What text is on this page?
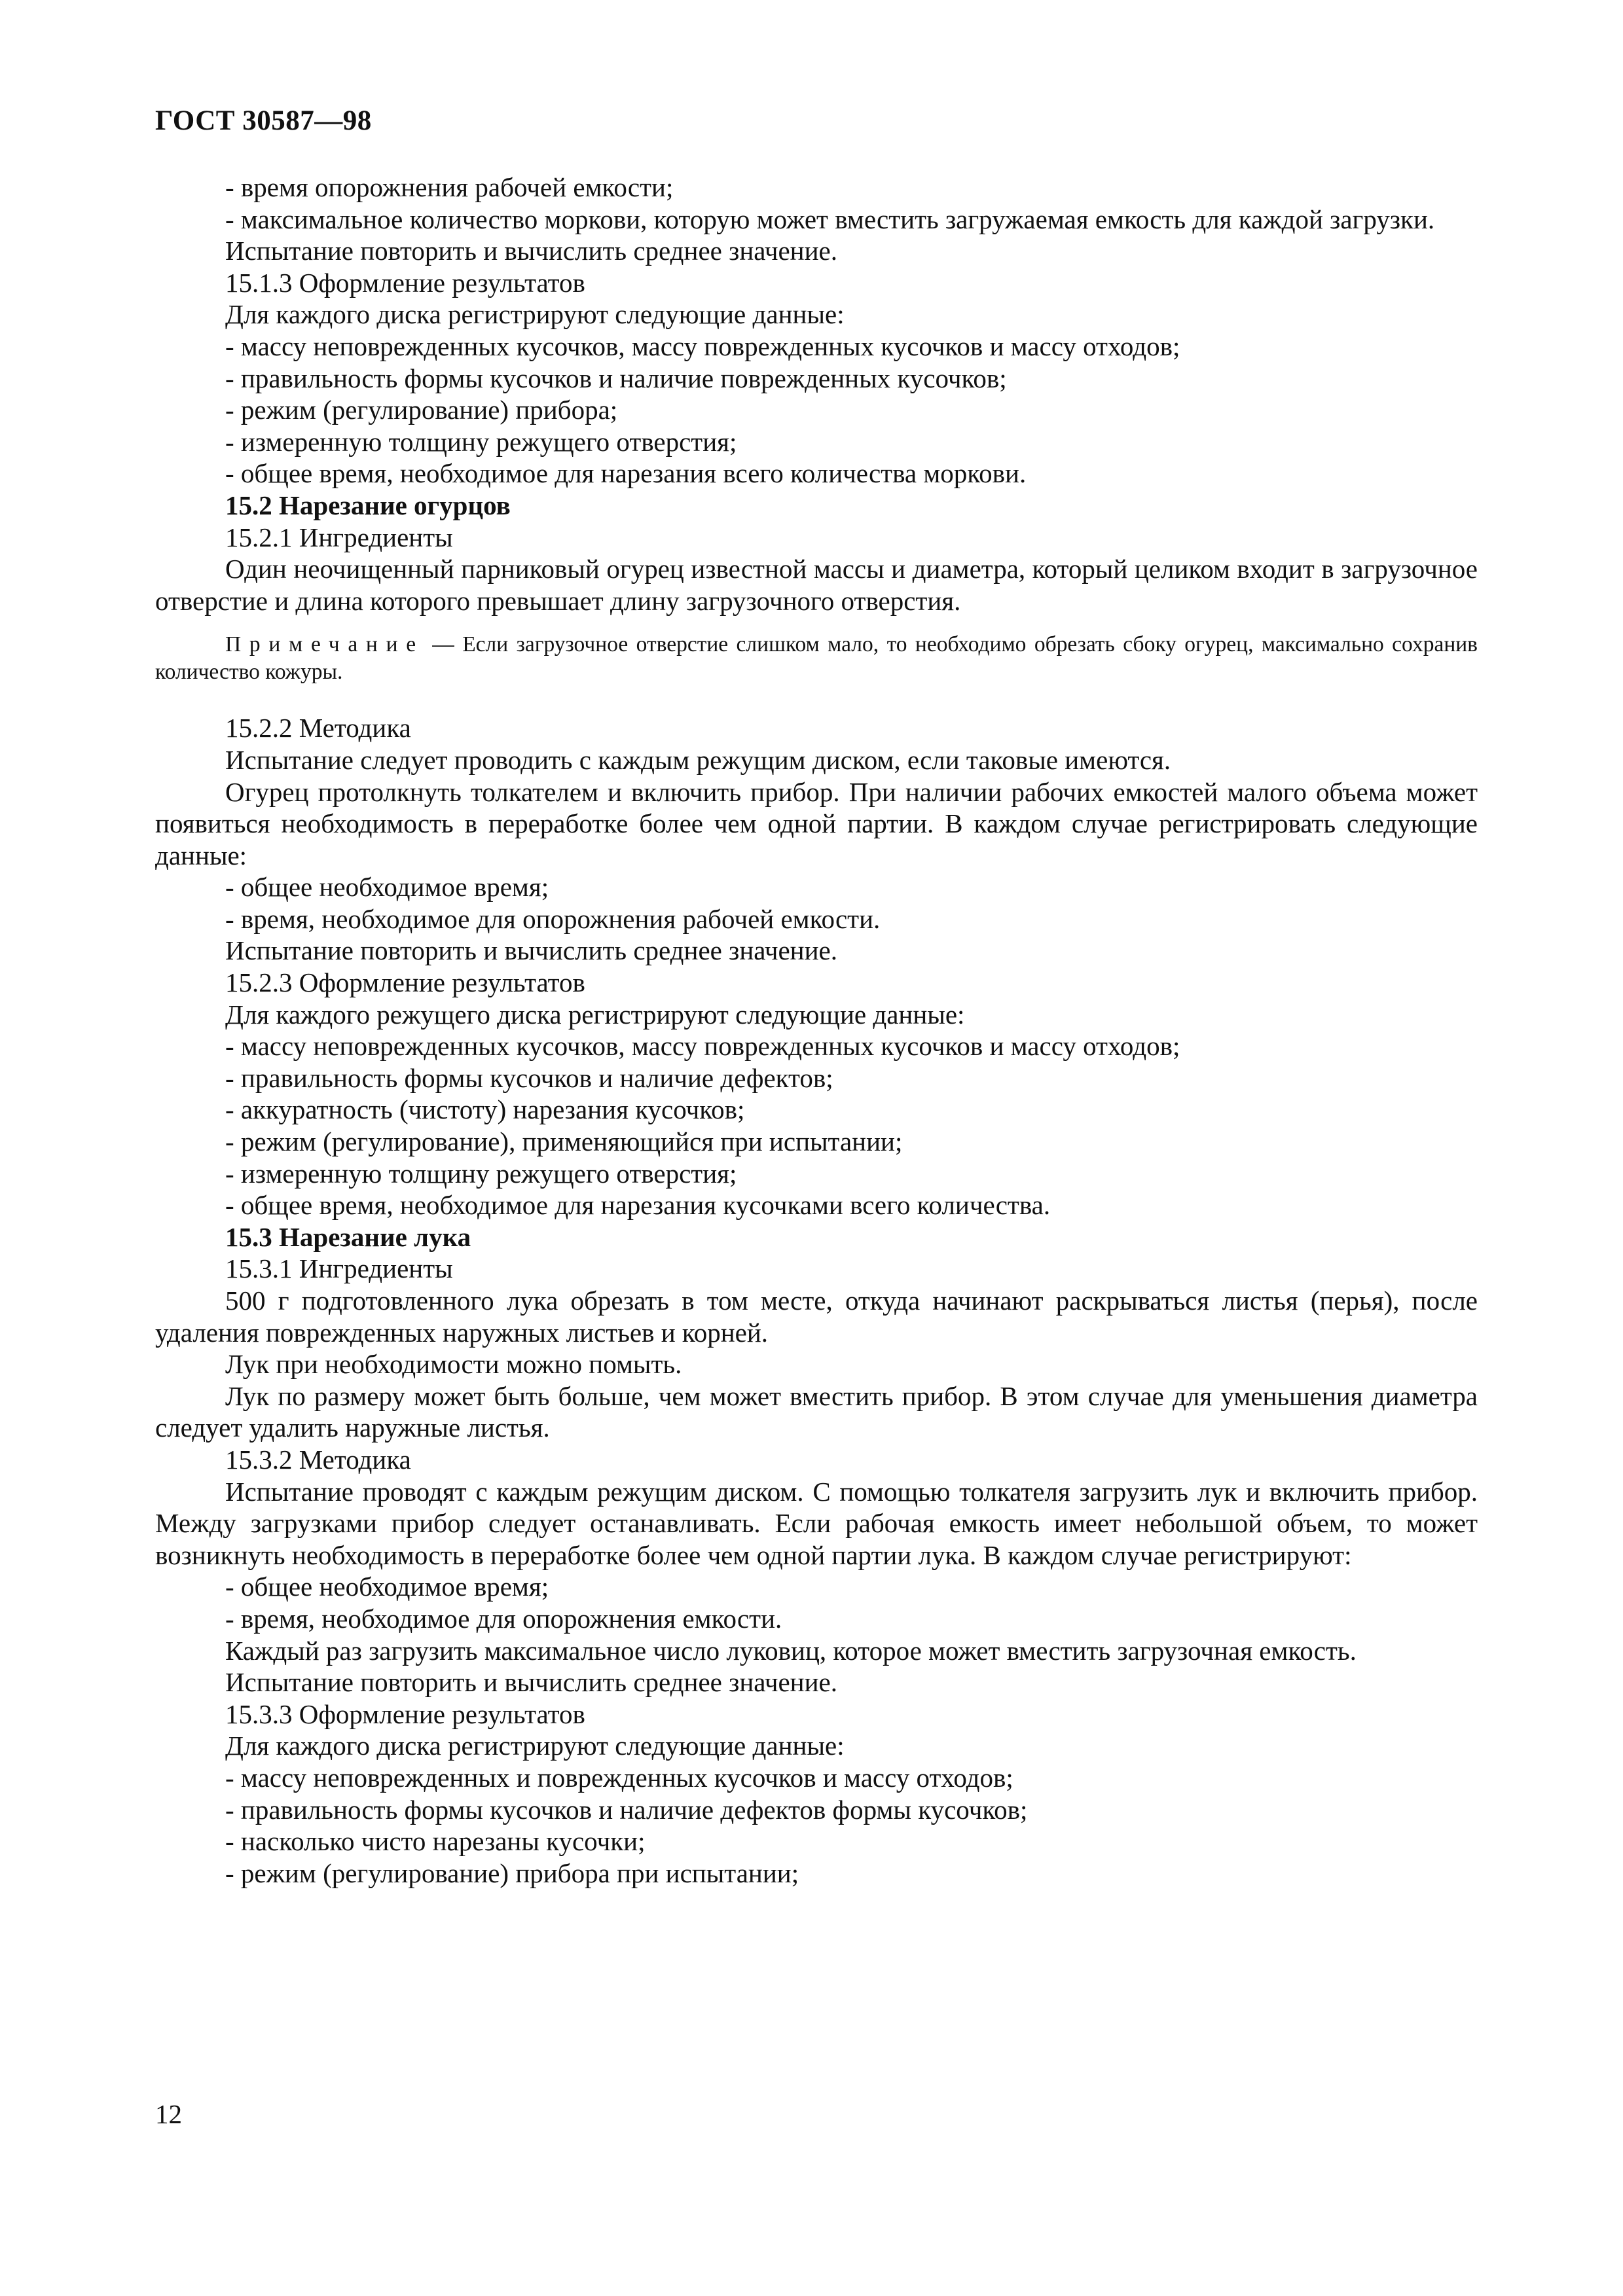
ГОСТ 30587—98

- время опорожнения рабочей емкости;

- максимальное количество моркови, которую может вместить загружаемая емкость для каждой загрузки.

Испытание повторить и вычислить среднее значение.

15.1.3 Оформление результатов

Для каждого диска регистрируют следующие данные:

- массу неповрежденных кусочков, массу поврежденных кусочков и массу отходов;

- правильность формы кусочков и наличие поврежденных кусочков;

- режим (регулирование) прибора;

- измеренную толщину режущего отверстия;

- общее время, необходимое для нарезания всего количества моркови.

15.2 Нарезание огурцов

15.2.1 Ингредиенты

Один неочищенный парниковый огурец известной массы и диаметра, который целиком входит в загрузочное отверстие и длина которого превышает длину загрузочного отверстия.

Примечание — Если загрузочное отверстие слишком мало, то необходимо обрезать сбоку огурец, максимально сохранив количество кожуры.

15.2.2 Методика

Испытание следует проводить с каждым режущим диском, если таковые имеются.

Огурец протолкнуть толкателем и включить прибор. При наличии рабочих емкостей малого объема может появиться необходимость в переработке более чем одной партии. В каждом случае регистрировать следующие данные:

- общее необходимое время;

- время, необходимое для опорожнения рабочей емкости.

Испытание повторить и вычислить среднее значение.

15.2.3 Оформление результатов

Для каждого режущего диска регистрируют следующие данные:

- массу неповрежденных кусочков, массу поврежденных кусочков и массу отходов;

- правильность формы кусочков и наличие дефектов;

- аккуратность (чистоту) нарезания кусочков;

- режим (регулирование), применяющийся при испытании;

- измеренную толщину режущего отверстия;

- общее время, необходимое для нарезания кусочками всего количества.

15.3 Нарезание лука

15.3.1 Ингредиенты

500 г подготовленного лука обрезать в том месте, откуда начинают раскрываться листья (перья), после удаления поврежденных наружных листьев и корней.

Лук при необходимости можно помыть.

Лук по размеру может быть больше, чем может вместить прибор. В этом случае для уменьшения диаметра следует удалить наружные листья.

15.3.2 Методика

Испытание проводят с каждым режущим диском. С помощью толкателя загрузить лук и включить прибор. Между загрузками прибор следует останавливать. Если рабочая емкость имеет небольшой объем, то может возникнуть необходимость в переработке более чем одной партии лука. В каждом случае регистрируют:

- общее необходимое время;

- время, необходимое для опорожнения емкости.

Каждый раз загрузить максимальное число луковиц, которое может вместить загрузочная емкость.

Испытание повторить и вычислить среднее значение.

15.3.3 Оформление результатов

Для каждого диска регистрируют следующие данные:

- массу неповрежденных и поврежденных кусочков и массу отходов;

- правильность формы кусочков и наличие дефектов формы кусочков;

- насколько чисто нарезаны кусочки;

- режим (регулирование) прибора при испытании;

12
